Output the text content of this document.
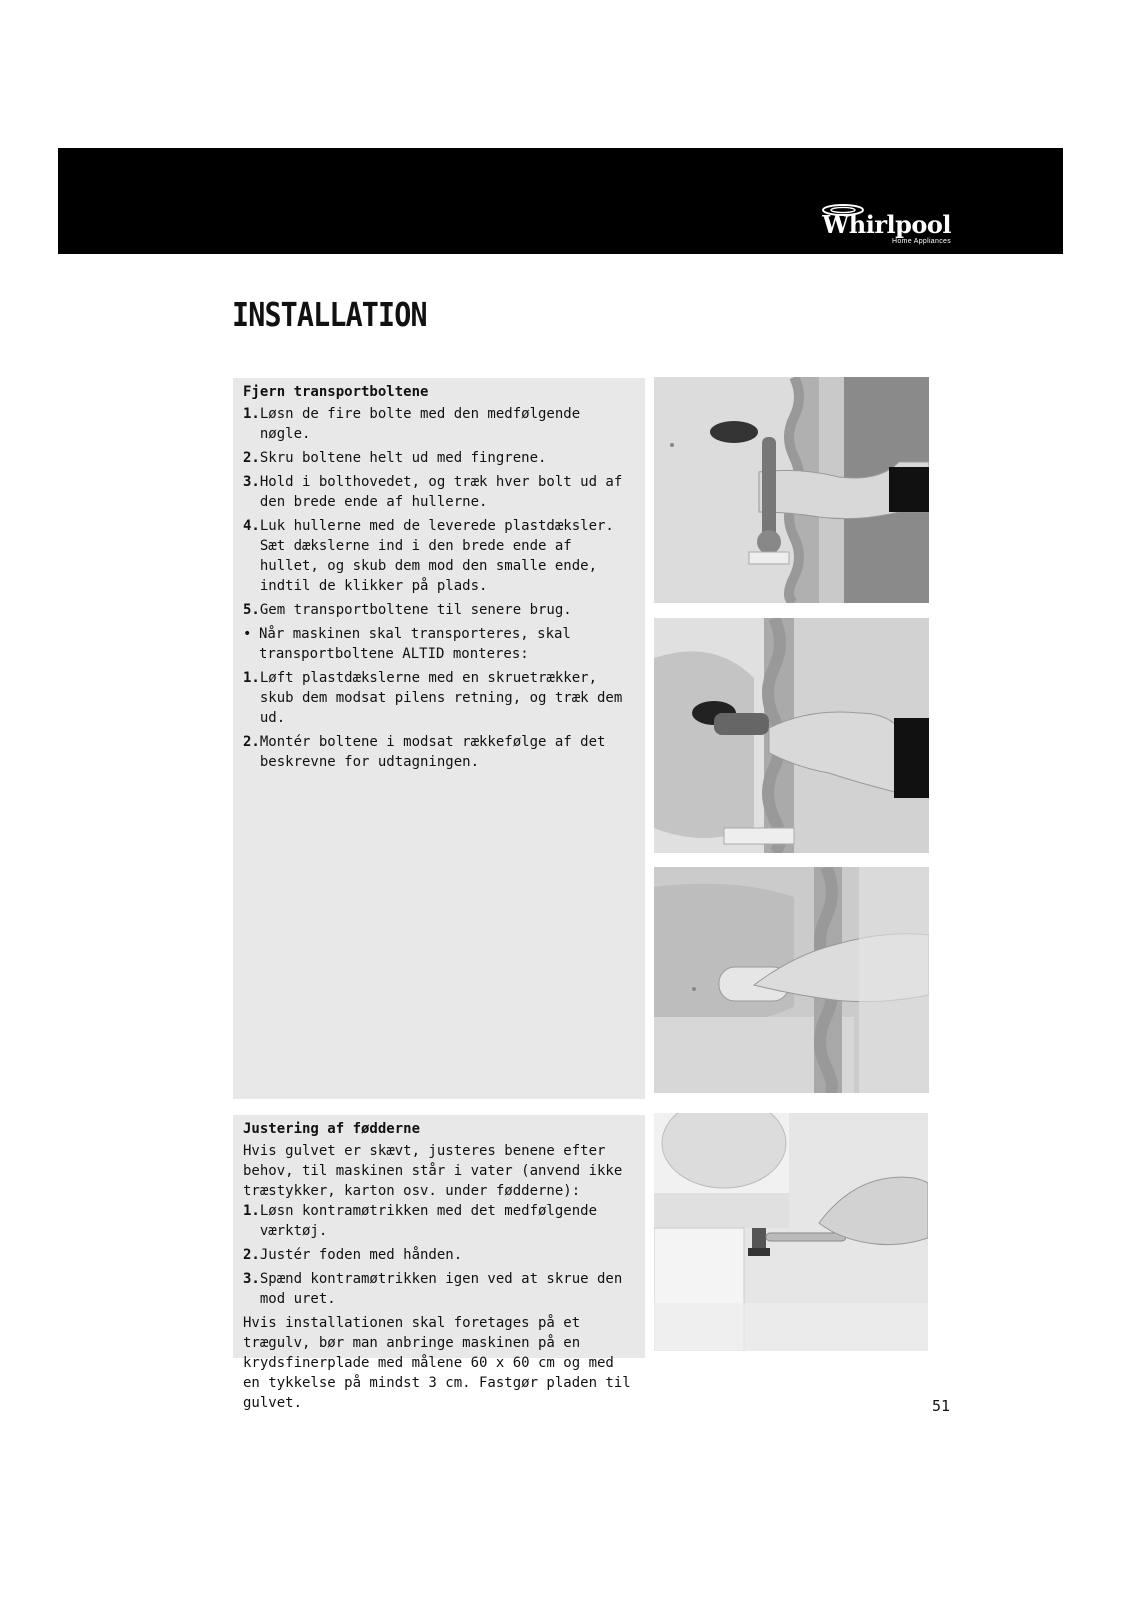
Whirlpool
Home Appliances
INSTALLATION

Fjern transportboltene

1. Løsn de fire bolte med den medfølgende nøgle.
2. Skru boltene helt ud med fingrene.
3. Hold i bolthovedet, og træk hver bolt ud af den brede ende af hullerne.
4. Luk hullerne med de leverede plastdæksler. Sæt dækslerne ind i den brede ende af hullet, og skub dem mod den smalle ende, indtil de klikker på plads.
5. Gem transportboltene til senere brug.
• Når maskinen skal transporteres, skal transportboltene ALTID monteres:
1. Løft plastdækslerne med en skruetrækker, skub dem modsat pilens retning, og træk dem ud.
2. Montér boltene i modsat rækkefølge af det beskrevne for udtagningen.

Justering af fødderne

Hvis gulvet er skævt, justeres benene efter behov, til maskinen står i vater (anvend ikke træstykker, karton osv. under fødderne):

1. Løsn kontramøtrikken med det medfølgende værktøj.
2. Justér foden med hånden.
3. Spænd kontramøtrikken igen ved at skrue den mod uret.

Hvis installationen skal foretages på et trægulv, bør man anbringe maskinen på en krydsfinerplade med målene 60 x 60 cm og med en tykkelse på mindst 3 cm. Fastgør pladen til gulvet.	51
